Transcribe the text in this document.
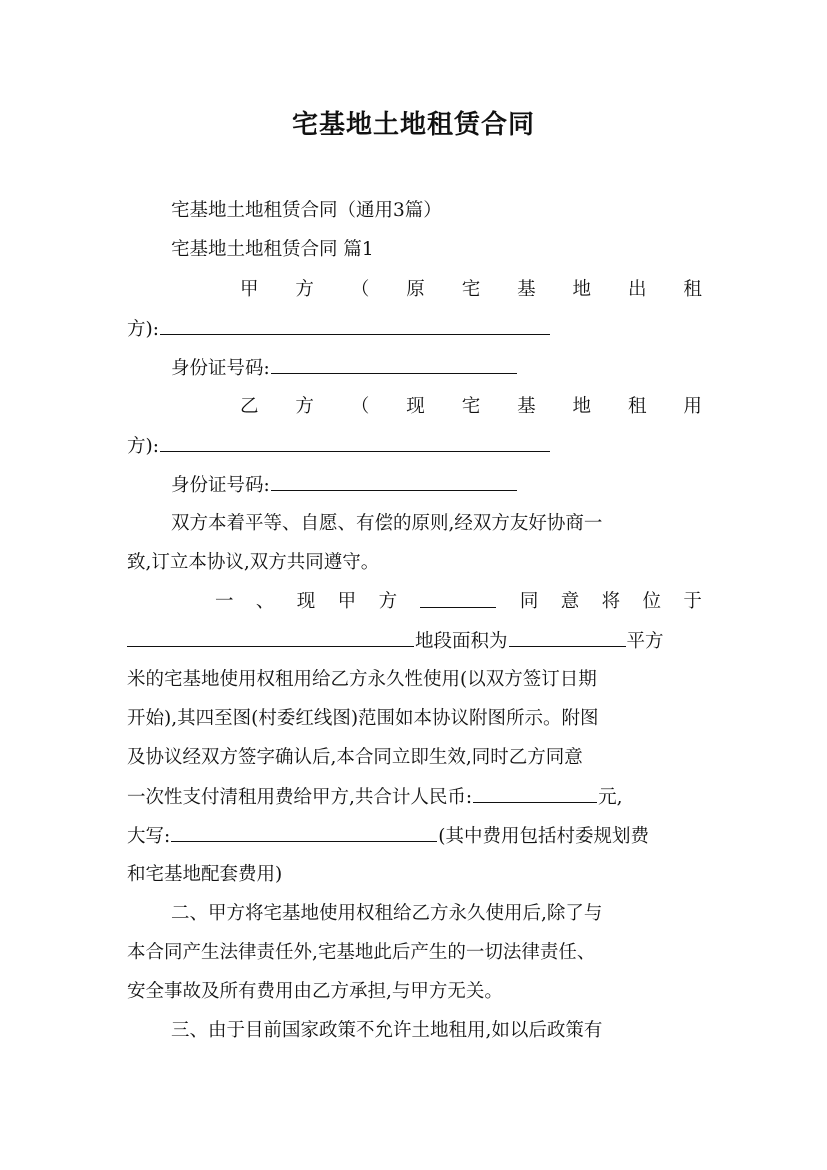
宅基地土地租赁合同
宅基地土地租赁合同（通用3篇）
宅基地土地租赁合同 篇1
甲 方 （ 原 宅 基 地 出 租
方):
身份证号码:
乙 方 （ 现 宅 基 地 租 用
方):
身份证号码:
双方本着平等、自愿、有偿的原则,经双方友好协商一
致,订立本协议,双方共同遵守。
一 、 现 甲 方	同 意 将 位 于
地段面积为	平方
米的宅基地使用权租用给乙方永久性使用(以双方签订日期
开始),其四至图(村委红线图)范围如本协议附图所示。附图
及协议经双方签字确认后,本合同立即生效,同时乙方同意
一次性支付清租用费给甲方,共合计人民币:	元,
大写:	(其中费用包括村委规划费
和宅基地配套费用)
二、甲方将宅基地使用权租给乙方永久使用后,除了与
本合同产生法律责任外,宅基地此后产生的一切法律责任、
安全事故及所有费用由乙方承担,与甲方无关。
三、由于目前国家政策不允许土地租用,如以后政策有
